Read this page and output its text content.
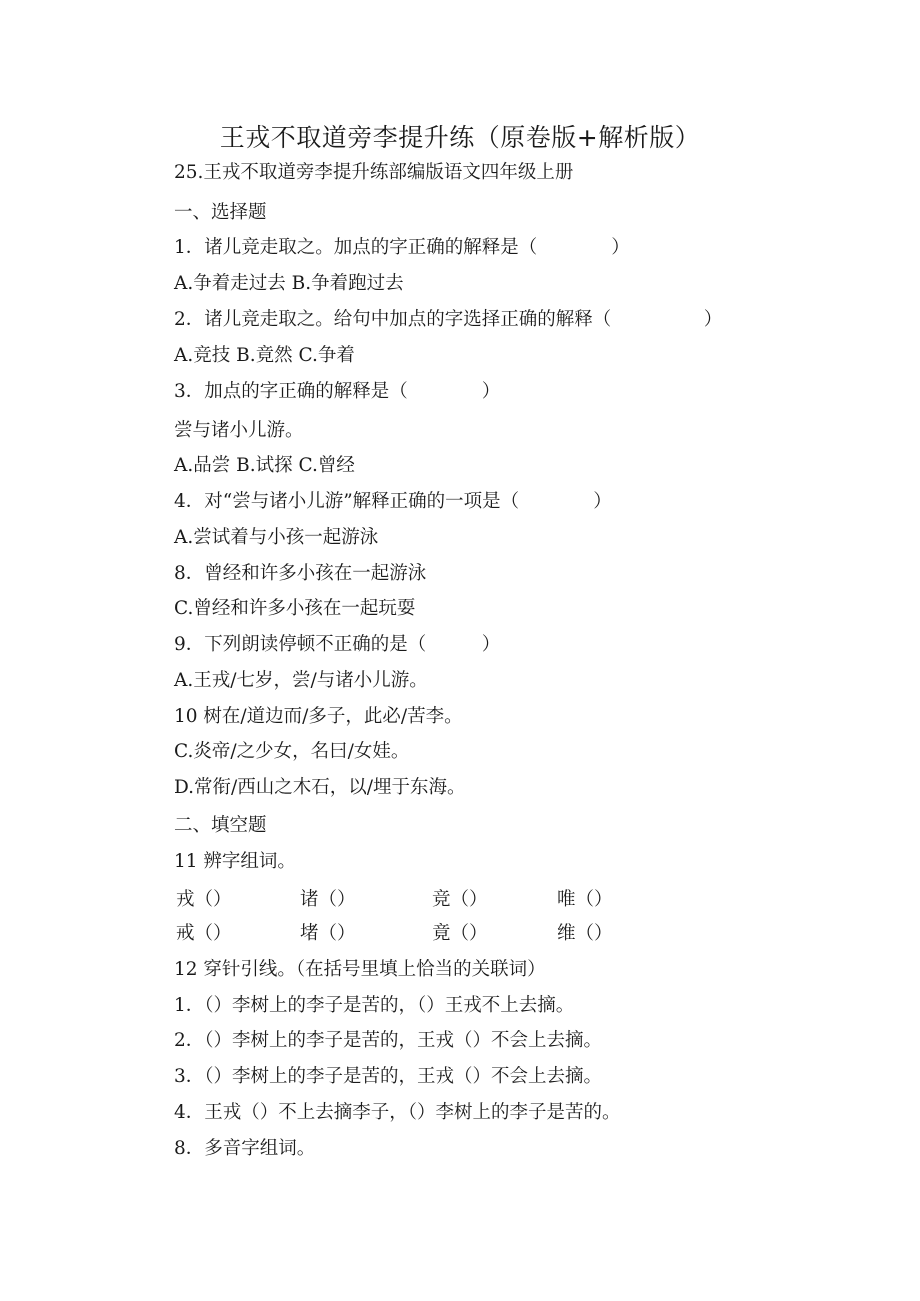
王戎不取道旁李提升练（原卷版+解析版）
25.王戎不取道旁李提升练部编版语文四年级上册
一、选择题
1．诸儿竞走取之。加点的字正确的解释是（　　　　）
A.争着走过去 B.争着跑过去
2．诸儿竞走取之。给句中加点的字选择正确的解释（　　　　　）
A.竞技 B.竟然 C.争着
3．加点的字正确的解释是（　　　　）
尝与诸小儿游。
A.品尝 B.试探 C.曾经
4．对“尝与诸小儿游”解释正确的一项是（　　　　）
A.尝试着与小孩一起游泳
8．曾经和许多小孩在一起游泳
C.曾经和许多小孩在一起玩耍
9．下列朗读停顿不正确的是（　　　）
A.王戎/七岁，尝/与诸小儿游。
10 树在/道边而/多子，此必/苦李。
C.炎帝/之少女，名曰/女娃。
D.常衔/西山之木石，以/埋于东海。
二、填空题
11 辨字组词。
戎（）	诸（）	竞（）	唯（）
戒（）	堵（）	竟（）	维（）
12 穿针引线。（在括号里填上恰当的关联词）
1．（）李树上的李子是苦的，（）王戎不上去摘。
2．（）李树上的李子是苦的，王戎（）不会上去摘。
3．（）李树上的李子是苦的，王戎（）不会上去摘。
4．王戎（）不上去摘李子，（）李树上的李子是苦的。
8．多音字组词。
